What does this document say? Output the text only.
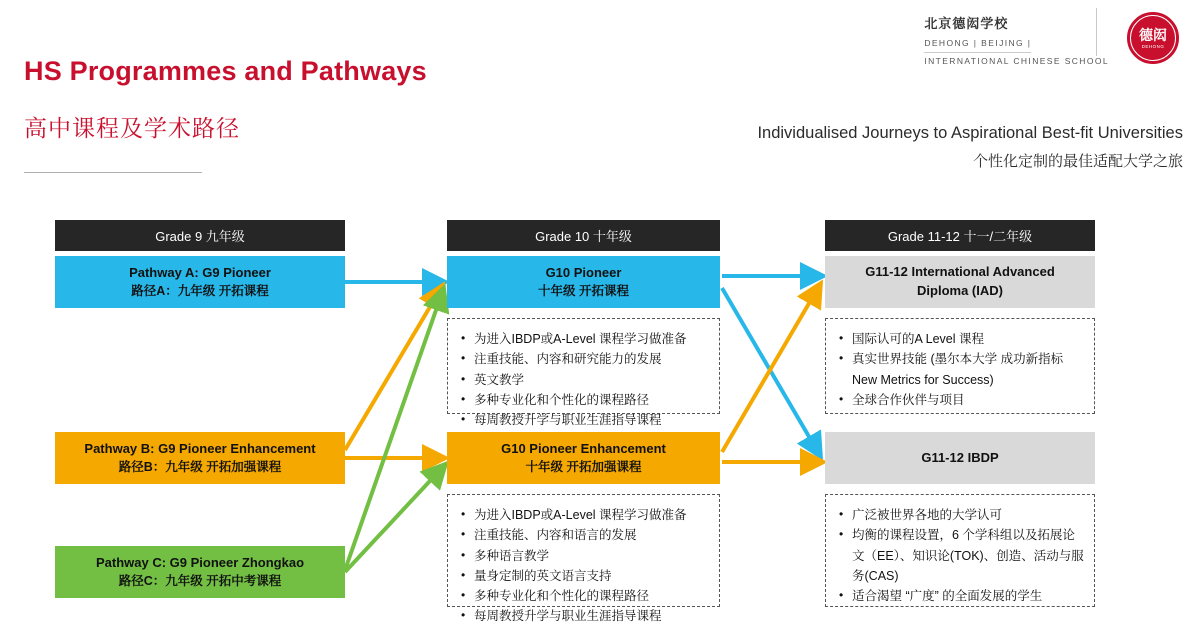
北京德闳学校
DEHONG | BEIJING |
INTERNATIONAL CHINESE SCHOOL
德闳
DEHONG
HS Programmes and Pathways
高中课程及学术路径	Individualised Journeys to Aspirational Best-fit Universities
个性化定制的最佳适配大学之旅
Grade 9 九年级	Grade 10 十年级	Grade 11-12 十一/二年级
Pathway A: G9 Pioneer
路径A：九年级 开拓课程
Pathway B: G9 Pioneer Enhancement
路径B：九年级 开拓加强课程
Pathway C: G9 Pioneer Zhongkao
路径C：九年级 开拓中考课程
G10 Pioneer
十年级 开拓课程
• 为进入IBDP或A-Level 课程学习做准备
• 注重技能、内容和研究能力的发展
• 英文教学
• 多种专业化和个性化的课程路径
• 每周教授升学与职业生涯指导课程
G10 Pioneer Enhancement
十年级 开拓加强课程
• 为进入IBDP或A-Level 课程学习做准备
• 注重技能、内容和语言的发展
• 多种语言教学
• 量身定制的英文语言支持
• 多种专业化和个性化的课程路径
• 每周教授升学与职业生涯指导课程
G11-12 International Advanced
Diploma (IAD)
• 国际认可的A Level 课程
• 真实世界技能 (墨尔本大学 成功新指标 New Metrics for Success)
• 全球合作伙伴与项目
G11-12 IBDP
• 广泛被世界各地的大学认可
• 均衡的课程设置，6 个学科组以及拓展论文（EE）、知识论(TOK)、创造、活动与服务(CAS)
• 适合渴望 “广度” 的全面发展的学生
